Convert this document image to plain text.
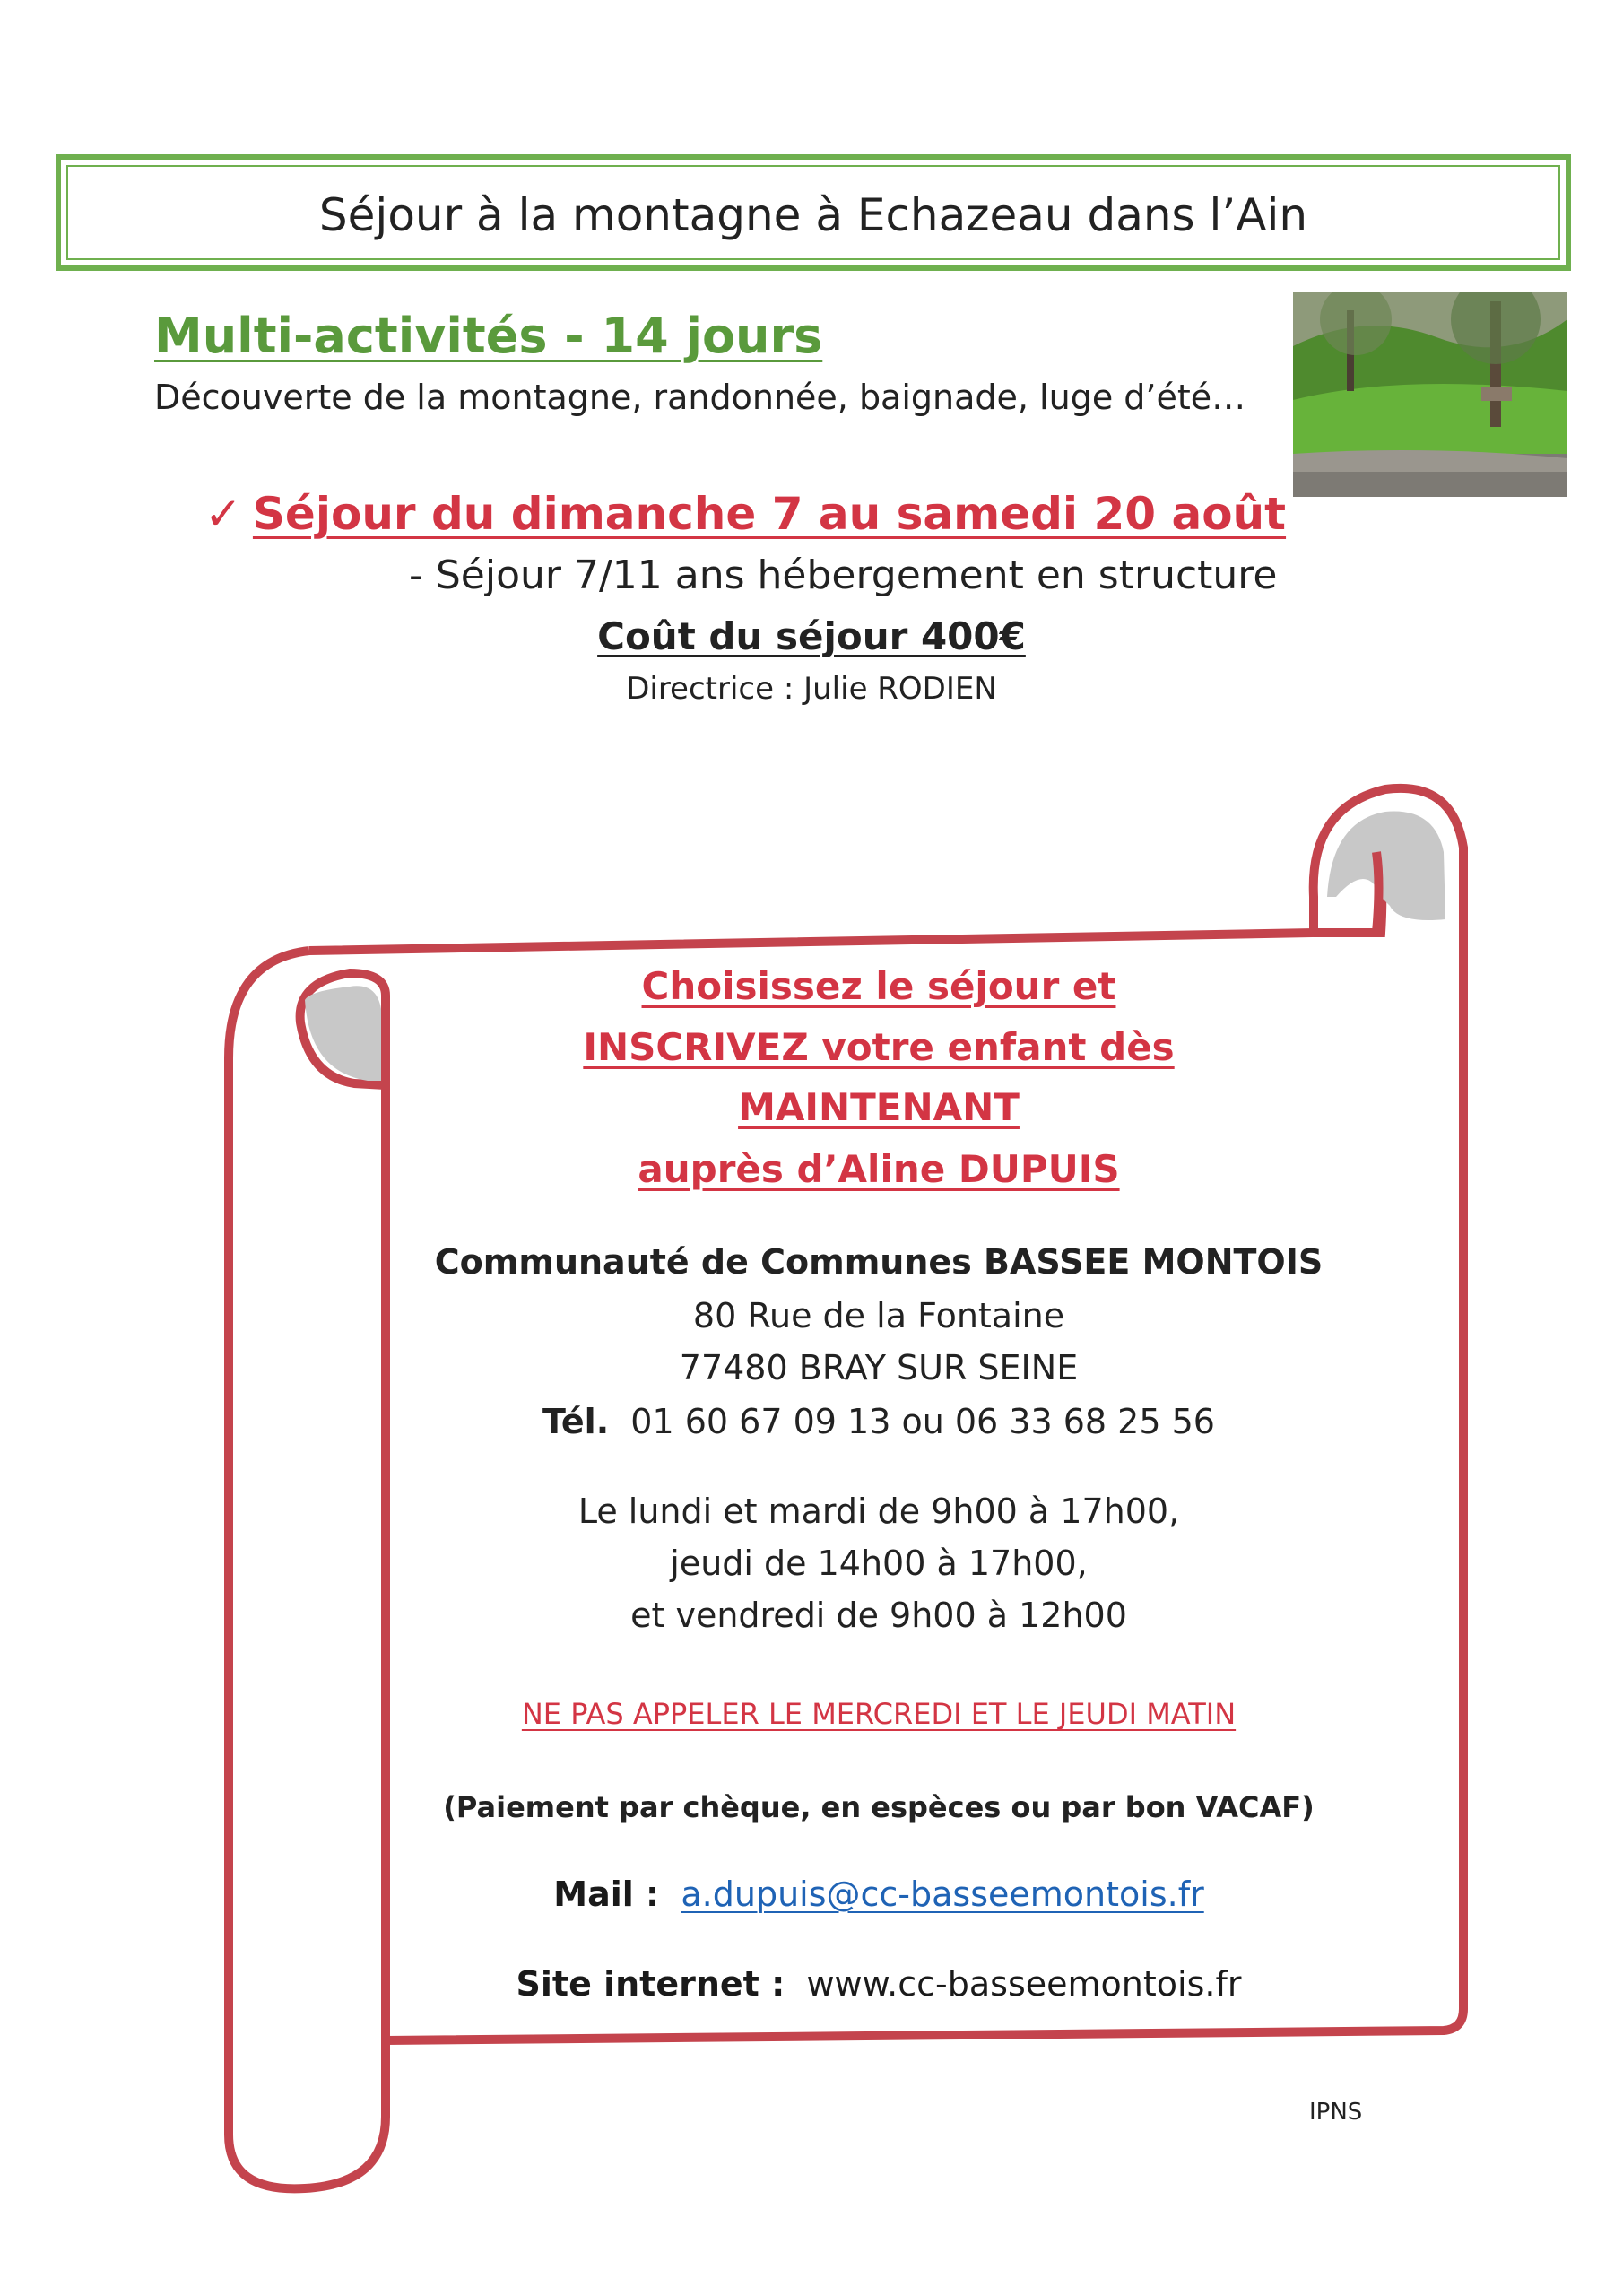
Séjour à la montagne à Echazeau dans l’Ain
Multi-activités - 14 jours
Découverte de la montagne, randonnée, baignade, luge d’été…
✓ Séjour du dimanche 7 au samedi 20 août
- Séjour 7/11 ans hébergement en structure
Coût du séjour 400€
Directrice : Julie RODIEN
Choisissez le séjour et
INSCRIVEZ votre enfant dès
MAINTENANT
auprès d’Aline DUPUIS
Communauté de Communes BASSEE MONTOIS
80 Rue de la Fontaine
77480 BRAY SUR SEINE
Tél. 01 60 67 09 13 ou 06 33 68 25 56
Le lundi et mardi de 9h00 à 17h00,
jeudi de 14h00 à 17h00,
et vendredi de 9h00 à 12h00
NE PAS APPELER LE MERCREDI ET LE JEUDI MATIN
(Paiement par chèque, en espèces ou par bon VACAF)
Mail : a.dupuis@cc-basseemontois.fr
Site internet : www.cc-basseemontois.fr
IPNS
